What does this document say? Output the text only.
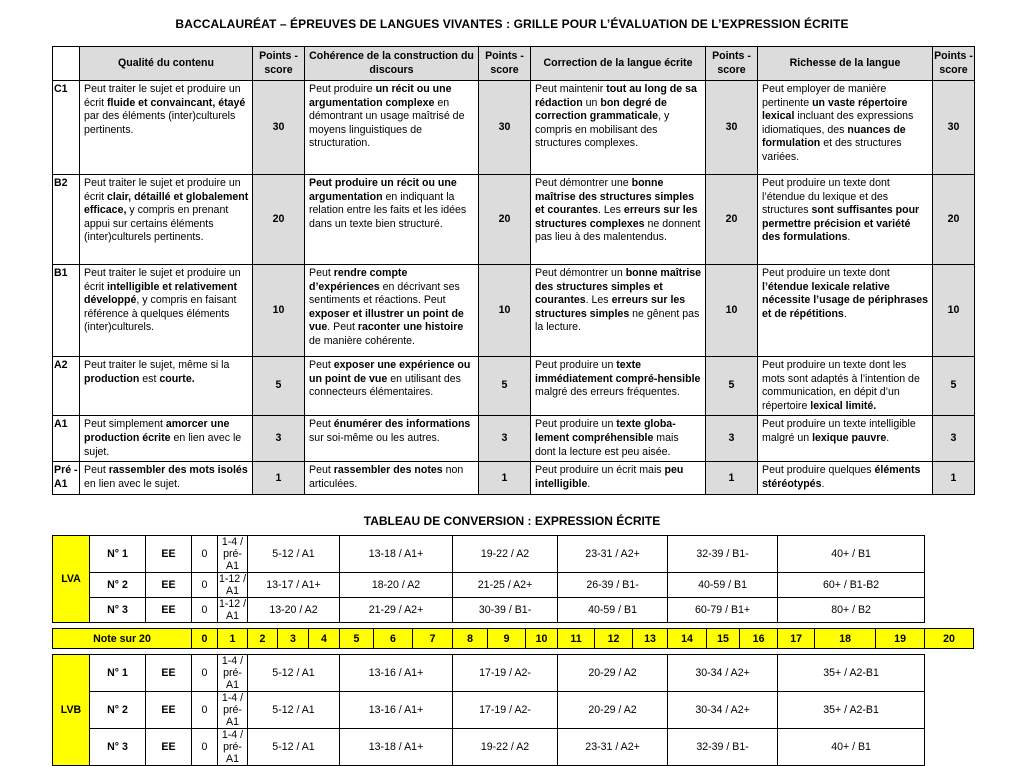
BACCALAURÉAT – ÉPREUVES DE LANGUES VIVANTES : GRILLE POUR L’ÉVALUATION DE L’EXPRESSION ÉCRITE
	Qualité du contenu	Points -score	Cohérence de la construction du discours	Points -score	Correction de la langue écrite	Points -score	Richesse de la langue	Points -score
C1	Peut traiter le sujet et produire un écrit fluide et convaincant, étayé par des éléments (inter)culturels pertinents.	30	Peut produire un récit ou une argumentation complexe en démontrant un usage maîtrisé de moyens linguistiques de structuration.	30	Peut maintenir tout au long de sa rédaction un bon degré de correction grammaticale, y compris en mobilisant des structures complexes.	30	Peut employer de manière pertinente un vaste répertoire lexical incluant des expressions idiomatiques, des nuances de formulation et des structures variées.	30
B2	Peut traiter le sujet et produire un écrit clair, détaillé et globalement efficace, y compris en prenant appui sur certains éléments (inter)culturels pertinents.	20	Peut produire un récit ou une argumentation en indiquant la relation entre les faits et les idées dans un texte bien structuré.	20	Peut démontrer une bonne maîtrise des structures simples et courantes. Les erreurs sur les structures complexes ne donnent pas lieu à des malentendus.	20	Peut produire un texte dont l’étendue du lexique et des structures sont suffisantes pour permettre précision et variété des formulations.	20
B1	Peut traiter le sujet et produire un écrit intelligible et relativement développé, y compris en faisant référence à quelques éléments (inter)culturels.	10	Peut rendre compte d’expériences en décrivant ses sentiments et réactions. Peut exposer et illustrer un point de vue. Peut raconter une histoire de manière cohérente.	10	Peut démontrer un bonne maîtrise des structures simples et courantes. Les erreurs sur les structures simples ne gênent pas la lecture.	10	Peut produire un texte dont l’étendue lexicale relative nécessite l’usage de périphrases et de répétitions.	10
A2	Peut traiter le sujet, même si la production est courte.	5	Peut exposer une expérience ou un point de vue en utilisant des connecteurs élémentaires.	5	Peut produire un texte immédiatement compré-hensible malgré des erreurs fréquentes.	5	Peut produire un texte dont les mots sont adaptés à l’intention de communication, en dépit d’un répertoire lexical limité.	5
A1	Peut simplement amorcer une production écrite en lien avec le sujet.	3	Peut énumérer des informations sur soi-même ou les autres.	3	Peut produire un texte globa-lement compréhensible mais dont la lecture est peu aisée.	3	Peut produire un texte intelligible malgré un lexique pauvre.	3
Pré -A1	Peut rassembler des mots isolés en lien avec le sujet.	1	Peut rassembler des notes non articulées.	1	Peut produire un écrit mais peu intelligible.	1	Peut produire quelques éléments stéréotypés.	1
TABLEAU DE CONVERSION : EXPRESSION ÉCRITE
LVA	N° 1	EE	0	1-4 / pré-A1	5-12 / A1			13-18 / A1+			19-22 / A2			23-31 / A2+			32-39 / B1-			40+ / B1			
	N° 2	EE	0	1-12 / A1	13-17 / A1+			18-20 / A2			21-25 / A2+			26-39 / B1-			40-59 / B1			60+ / B1-B2			
	N° 3	EE	0	1-12 / A1	13-20 / A2			21-29 / A2+			30-39 / B1-			40-59 / B1			60-79 / B1+			80+ / B2			

Note sur 20			0	1	2	3	4	5	6	7	8	9	10	11	12	13	14	15	16	17	18	19	20

LVB	N° 1	EE	0	1-4 / pré-A1	5-12 / A1			13-16 / A1+			17-19 / A2-			20-29 / A2			30-34 / A2+			35+ / A2-B1			
	N° 2	EE	0	1-4 / pré-A1	5-12 / A1			13-16 / A1+			17-19 / A2-			20-29 / A2			30-34 / A2+			35+ / A2-B1			
	N° 3	EE	0	1-4 / pré-A1	5-12 / A1			13-18 / A1+			19-22 / A2			23-31 / A2+			32-39 / B1-			40+ / B1			
